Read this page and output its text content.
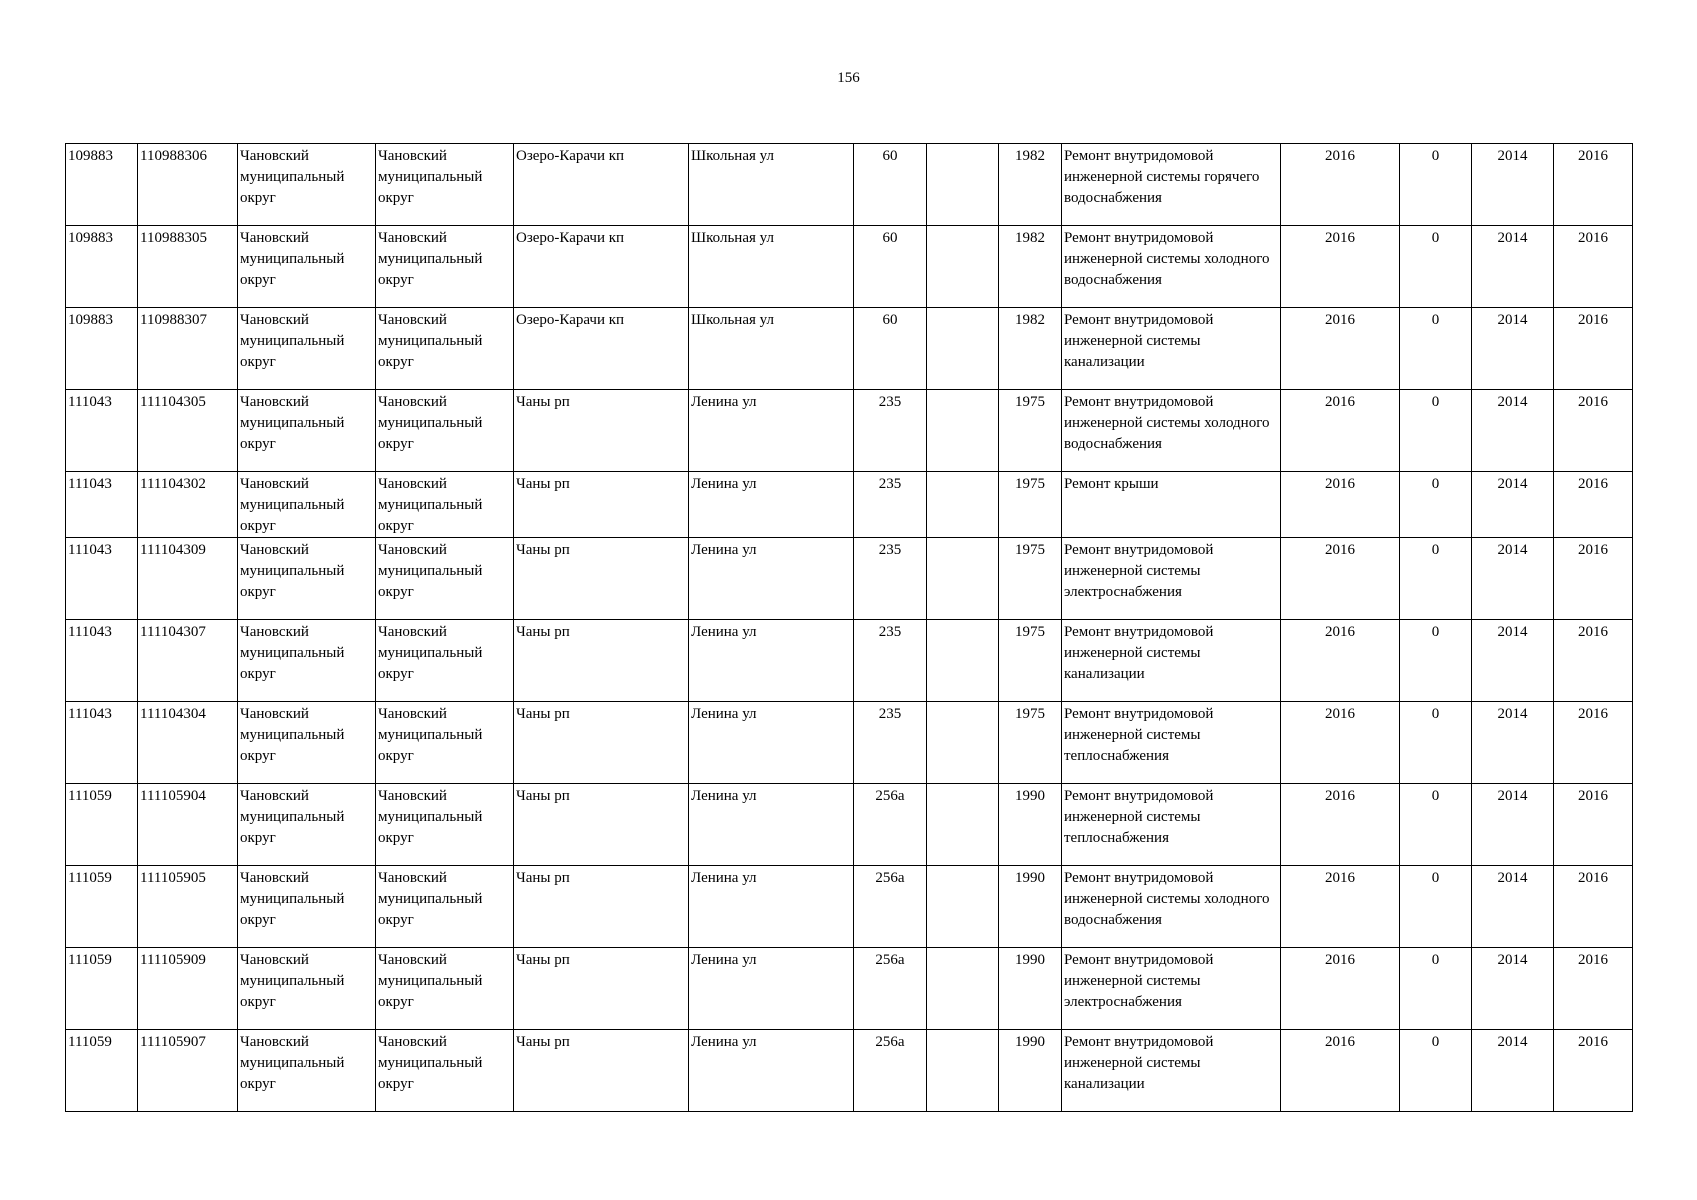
156
109883	110988306	Чановский муниципальный округ	Чановский муниципальный округ	Озеро-Карачи кп	Школьная ул	60		1982	Ремонт внутридомовой инженерной системы горячего водоснабжения	2016	0	2014	2016
109883	110988305	Чановский муниципальный округ	Чановский муниципальный округ	Озеро-Карачи кп	Школьная ул	60		1982	Ремонт внутридомовой инженерной системы холодного водоснабжения	2016	0	2014	2016
109883	110988307	Чановский муниципальный округ	Чановский муниципальный округ	Озеро-Карачи кп	Школьная ул	60		1982	Ремонт внутридомовой инженерной системы канализации	2016	0	2014	2016
111043	111104305	Чановский муниципальный округ	Чановский муниципальный округ	Чаны рп	Ленина ул	235		1975	Ремонт внутридомовой инженерной системы холодного водоснабжения	2016	0	2014	2016
111043	111104302	Чановский муниципальный округ	Чановский муниципальный округ	Чаны рп	Ленина ул	235		1975	Ремонт крыши	2016	0	2014	2016
111043	111104309	Чановский муниципальный округ	Чановский муниципальный округ	Чаны рп	Ленина ул	235		1975	Ремонт внутридомовой инженерной системы электроснабжения	2016	0	2014	2016
111043	111104307	Чановский муниципальный округ	Чановский муниципальный округ	Чаны рп	Ленина ул	235		1975	Ремонт внутридомовой инженерной системы канализации	2016	0	2014	2016
111043	111104304	Чановский муниципальный округ	Чановский муниципальный округ	Чаны рп	Ленина ул	235		1975	Ремонт внутридомовой инженерной системы теплоснабжения	2016	0	2014	2016
111059	111105904	Чановский муниципальный округ	Чановский муниципальный округ	Чаны рп	Ленина ул	256а		1990	Ремонт внутридомовой инженерной системы теплоснабжения	2016	0	2014	2016
111059	111105905	Чановский муниципальный округ	Чановский муниципальный округ	Чаны рп	Ленина ул	256а		1990	Ремонт внутридомовой инженерной системы холодного водоснабжения	2016	0	2014	2016
111059	111105909	Чановский муниципальный округ	Чановский муниципальный округ	Чаны рп	Ленина ул	256а		1990	Ремонт внутридомовой инженерной системы электроснабжения	2016	0	2014	2016
111059	111105907	Чановский муниципальный округ	Чановский муниципальный округ	Чаны рп	Ленина ул	256а		1990	Ремонт внутридомовой инженерной системы канализации	2016	0	2014	2016
